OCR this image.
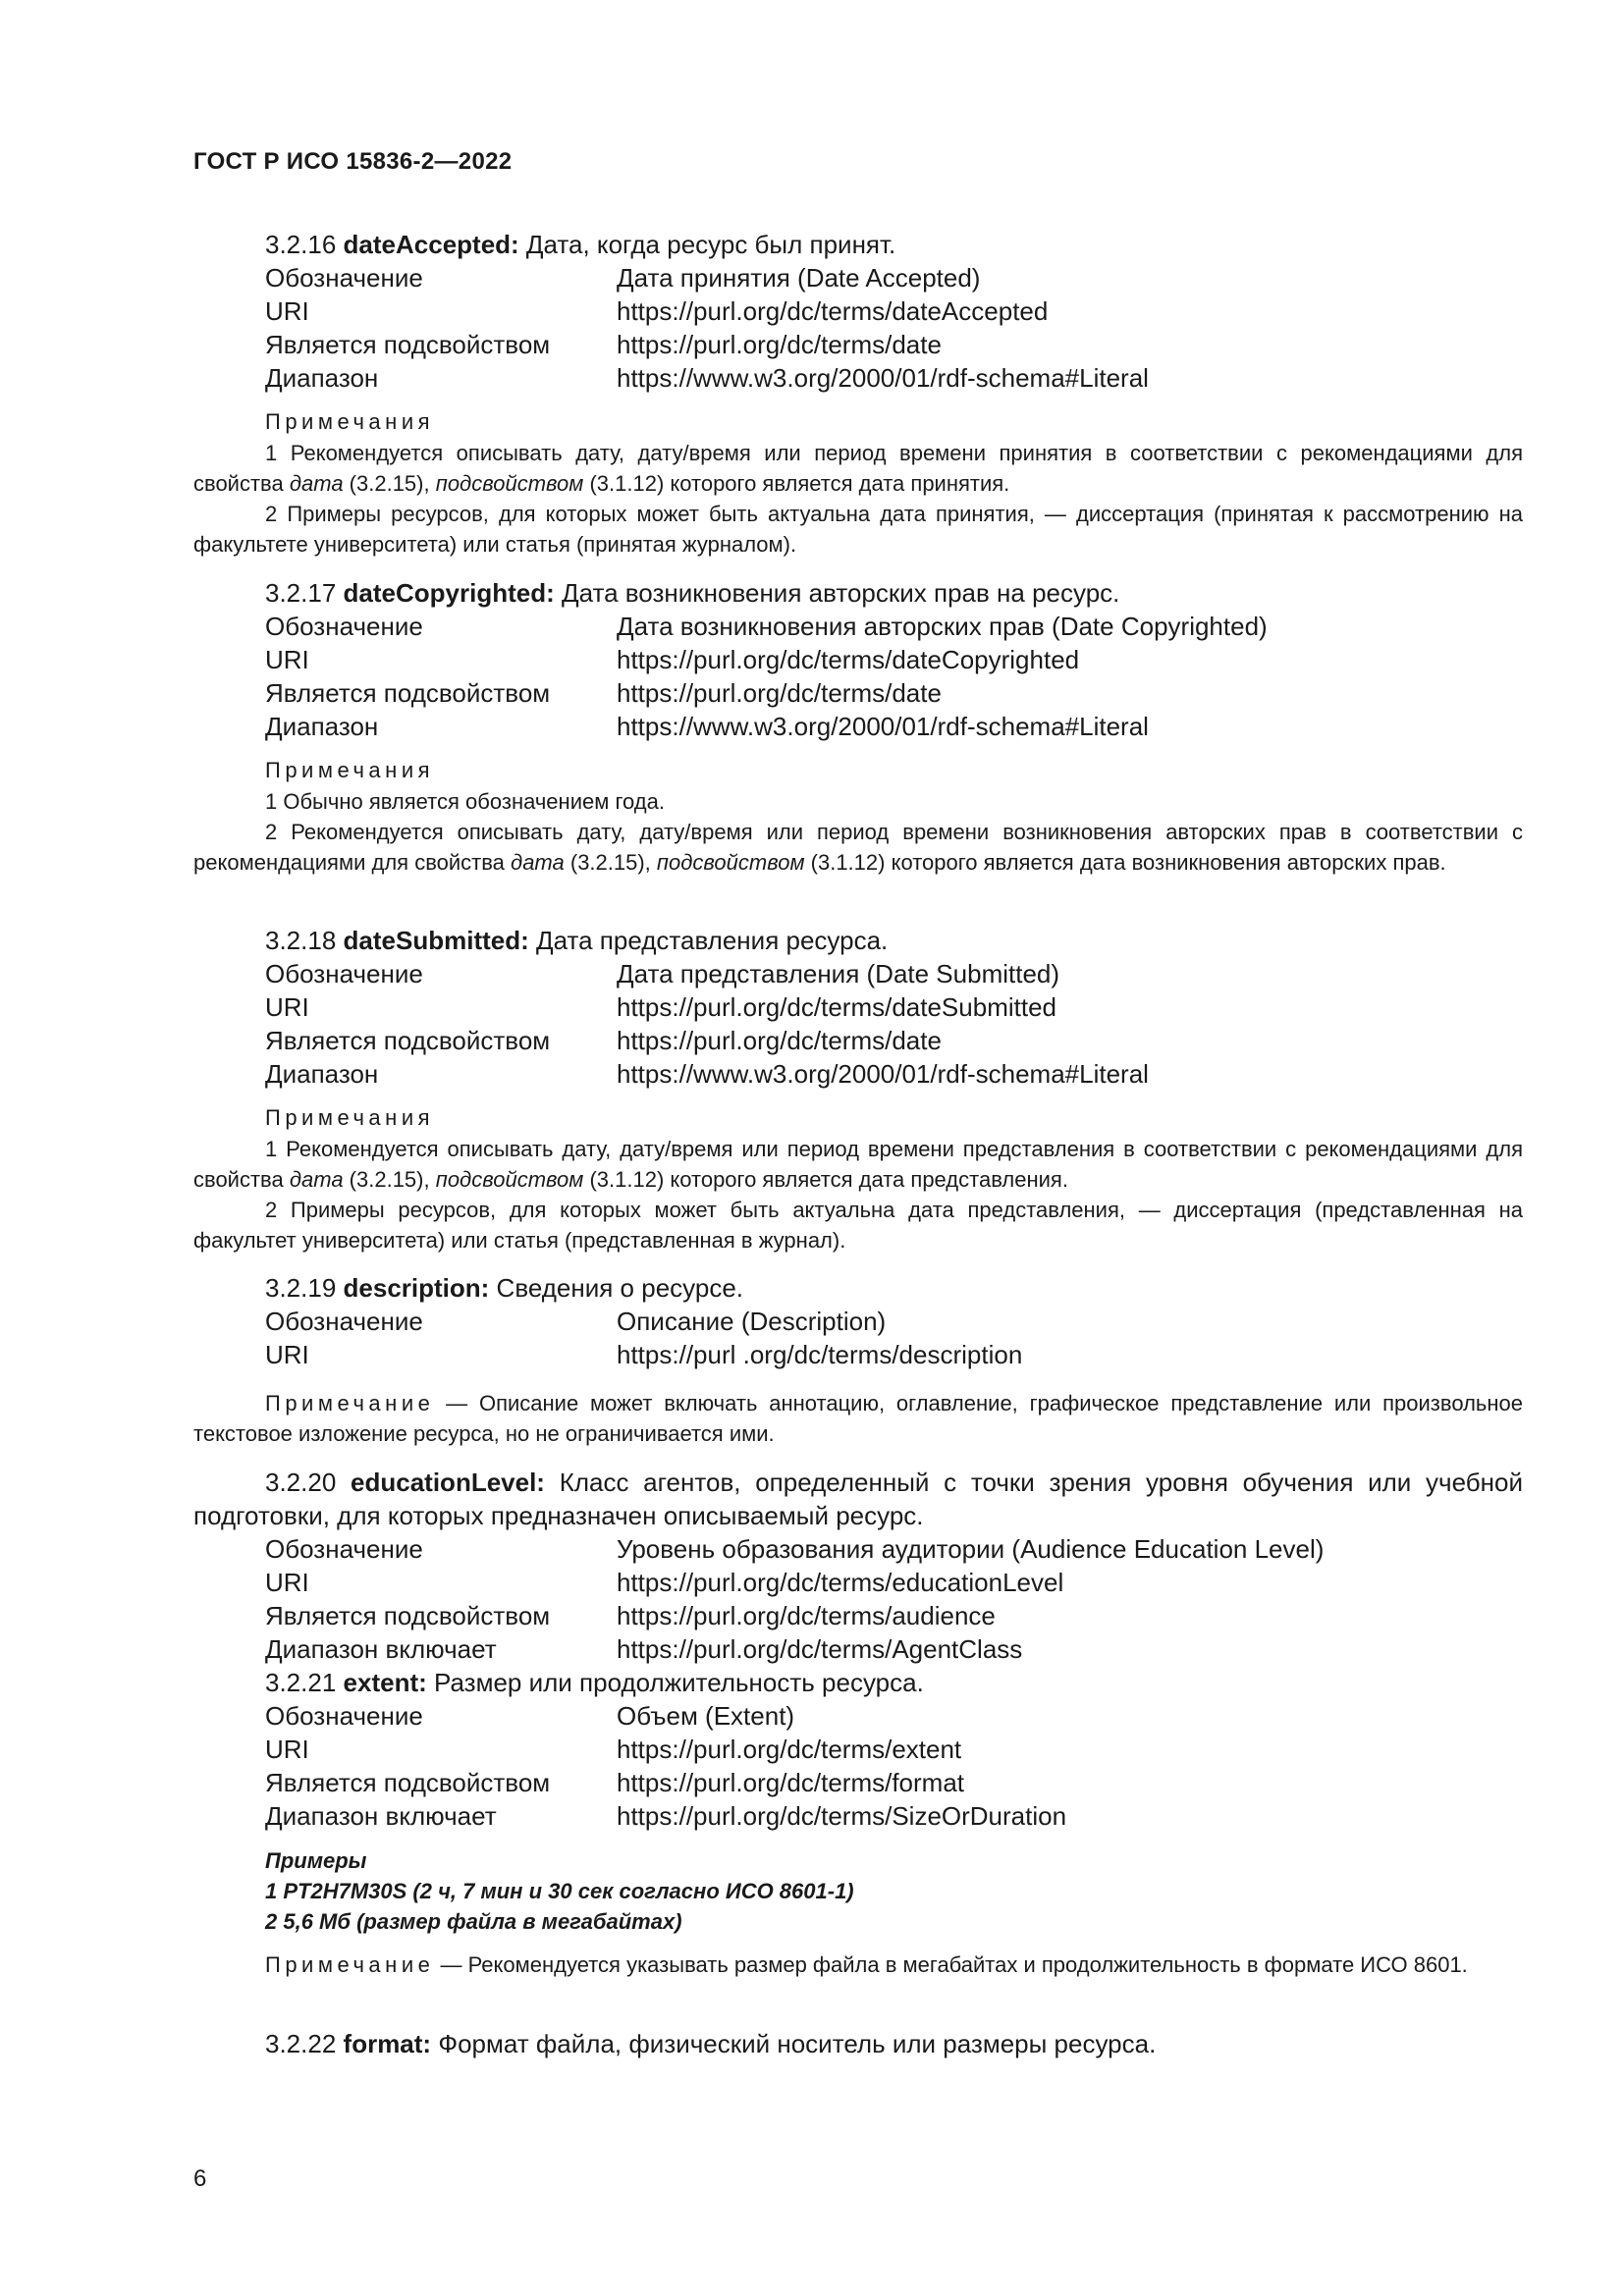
ГОСТ Р ИСО 15836-2—2022
3.2.16 dateAccepted: Дата, когда ресурс был принят.
Обозначение	Дата принятия (Date Accepted)
URI	https://purl.org/dc/terms/dateAccepted
Является подсвойством	https://purl.org/dc/terms/date
Диапазон	https://www.w3.org/2000/01/rdf-schema#Literal
Примечания
1 Рекомендуется описывать дату, дату/время или период времени принятия в соответствии с рекомендациями для свойства дата (3.2.15), подсвойством (3.1.12) которого является дата принятия.
2 Примеры ресурсов, для которых может быть актуальна дата принятия, — диссертация (принятая к рассмотрению на факультете университета) или статья (принятая журналом).
3.2.17 dateCopyrighted: Дата возникновения авторских прав на ресурс.
Обозначение	Дата возникновения авторских прав (Date Copyrighted)
URI	https://purl.org/dc/terms/dateCopyrighted
Является подсвойством	https://purl.org/dc/terms/date
Диапазон	https://www.w3.org/2000/01/rdf-schema#Literal
Примечания
1 Обычно является обозначением года.
2 Рекомендуется описывать дату, дату/время или период времени возникновения авторских прав в соответствии с рекомендациями для свойства дата (3.2.15), подсвойством (3.1.12) которого является дата возникновения авторских прав.
3.2.18 dateSubmitted: Дата представления ресурса.
Обозначение	Дата представления (Date Submitted)
URI	https://purl.org/dc/terms/dateSubmitted
Является подсвойством	https://purl.org/dc/terms/date
Диапазон	https://www.w3.org/2000/01/rdf-schema#Literal
Примечания
1 Рекомендуется описывать дату, дату/время или период времени представления в соответствии с рекомендациями для свойства дата (3.2.15), подсвойством (3.1.12) которого является дата представления.
2 Примеры ресурсов, для которых может быть актуальна дата представления, — диссертация (представленная на факультет университета) или статья (представленная в журнал).
3.2.19 description: Сведения о ресурсе.
Обозначение	Описание (Description)
URI	https://purl .org/dc/terms/description
Примечание — Описание может включать аннотацию, оглавление, графическое представление или произвольное текстовое изложение ресурса, но не ограничивается ими.
3.2.20 educationLevel: Класс агентов, определенный с точки зрения уровня обучения или учебной подготовки, для которых предназначен описываемый ресурс.
Обозначение	Уровень образования аудитории (Audience Education Level)
URI	https://purl.org/dc/terms/educationLevel
Является подсвойством	https://purl.org/dc/terms/audience
Диапазон включает	https://purl.org/dc/terms/AgentClass
3.2.21 extent: Размер или продолжительность ресурса.
Обозначение	Объем (Extent)
URI	https://purl.org/dc/terms/extent
Является подсвойством	https://purl.org/dc/terms/format
Диапазон включает	https://purl.org/dc/terms/SizeOrDuration
Примеры
1 PT2H7M30S (2 ч, 7 мин и 30 сек согласно ИСО 8601-1)
2 5,6 Мб (размер файла в мегабайтах)
Примечание — Рекомендуется указывать размер файла в мегабайтах и продолжительность в формате ИСО 8601.
3.2.22 format: Формат файла, физический носитель или размеры ресурса.
6
